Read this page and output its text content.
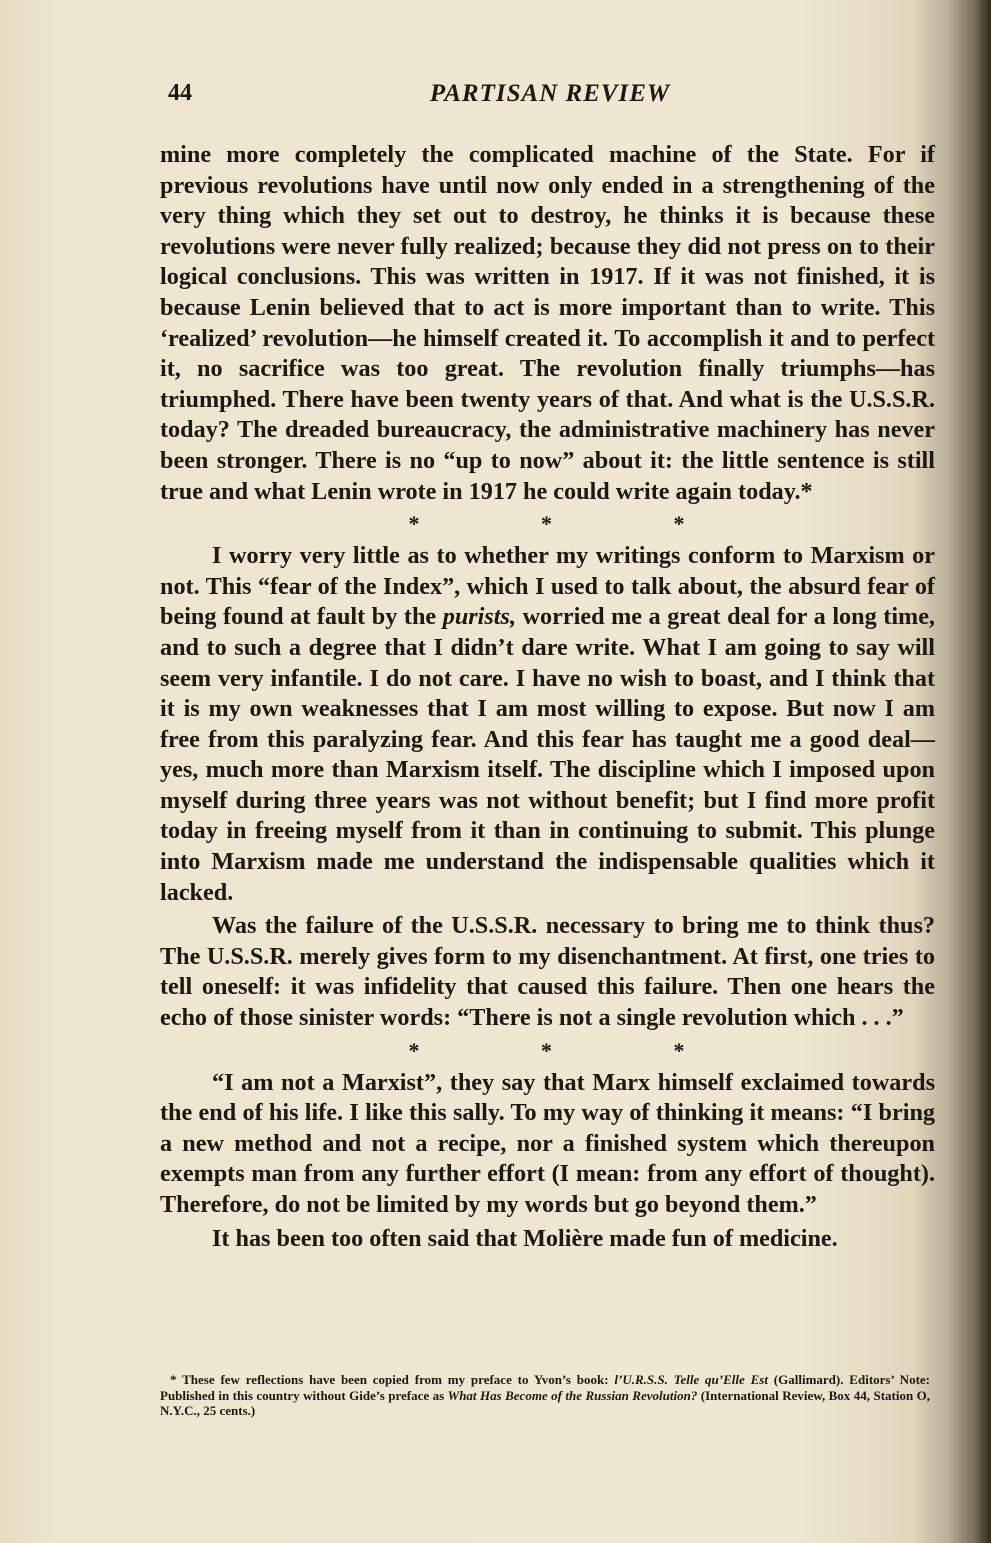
44	PARTISAN REVIEW

mine more completely the complicated machine of the State. For if previous revolutions have until now only ended in a strengthening of the very thing which they set out to destroy, he thinks it is because these revolutions were never fully realized; because they did not press on to their logical conclusions. This was written in 1917. If it was not finished, it is because Lenin believed that to act is more important than to write. This ‘realized’ revolution—he himself created it. To accomplish it and to perfect it, no sacrifice was too great. The revolution finally triumphs—has triumphed. There have been twenty years of that. And what is the U.S.S.R. today? The dreaded bureaucracy, the administrative machinery has never been stronger. There is no “up to now” about it: the little sentence is still true and what Lenin wrote in 1917 he could write again today.*

* * *

I worry very little as to whether my writings conform to Marxism or not. This “fear of the Index”, which I used to talk about, the absurd fear of being found at fault by the purists, worried me a great deal for a long time, and to such a degree that I didn’t dare write. What I am going to say will seem very infantile. I do not care. I have no wish to boast, and I think that it is my own weaknesses that I am most willing to expose. But now I am free from this paralyzing fear. And this fear has taught me a good deal—yes, much more than Marxism itself. The discipline which I imposed upon myself during three years was not without benefit; but I find more profit today in freeing myself from it than in continuing to submit. This plunge into Marxism made me understand the indispensable qualities which it lacked.

Was the failure of the U.S.S.R. necessary to bring me to think thus? The U.S.S.R. merely gives form to my disenchantment. At first, one tries to tell oneself: it was infidelity that caused this failure. Then one hears the echo of those sinister words: “There is not a single revolution which . . .”

* * *

“I am not a Marxist”, they say that Marx himself exclaimed towards the end of his life. I like this sally. To my way of thinking it means: “I bring a new method and not a recipe, nor a finished system which thereupon exempts man from any further effort (I mean: from any effort of thought). Therefore, do not be limited by my words but go beyond them.”

It has been too often said that Molière made fun of medicine.

* These few reflections have been copied from my preface to Yvon’s book: l’U.R.S.S. Telle qu’Elle Est (Gallimard). Editors’ Note: Published in this country without Gide’s preface as What Has Become of the Russian Revolution? (International Review, Box 44, Station O, N.Y.C., 25 cents.)
